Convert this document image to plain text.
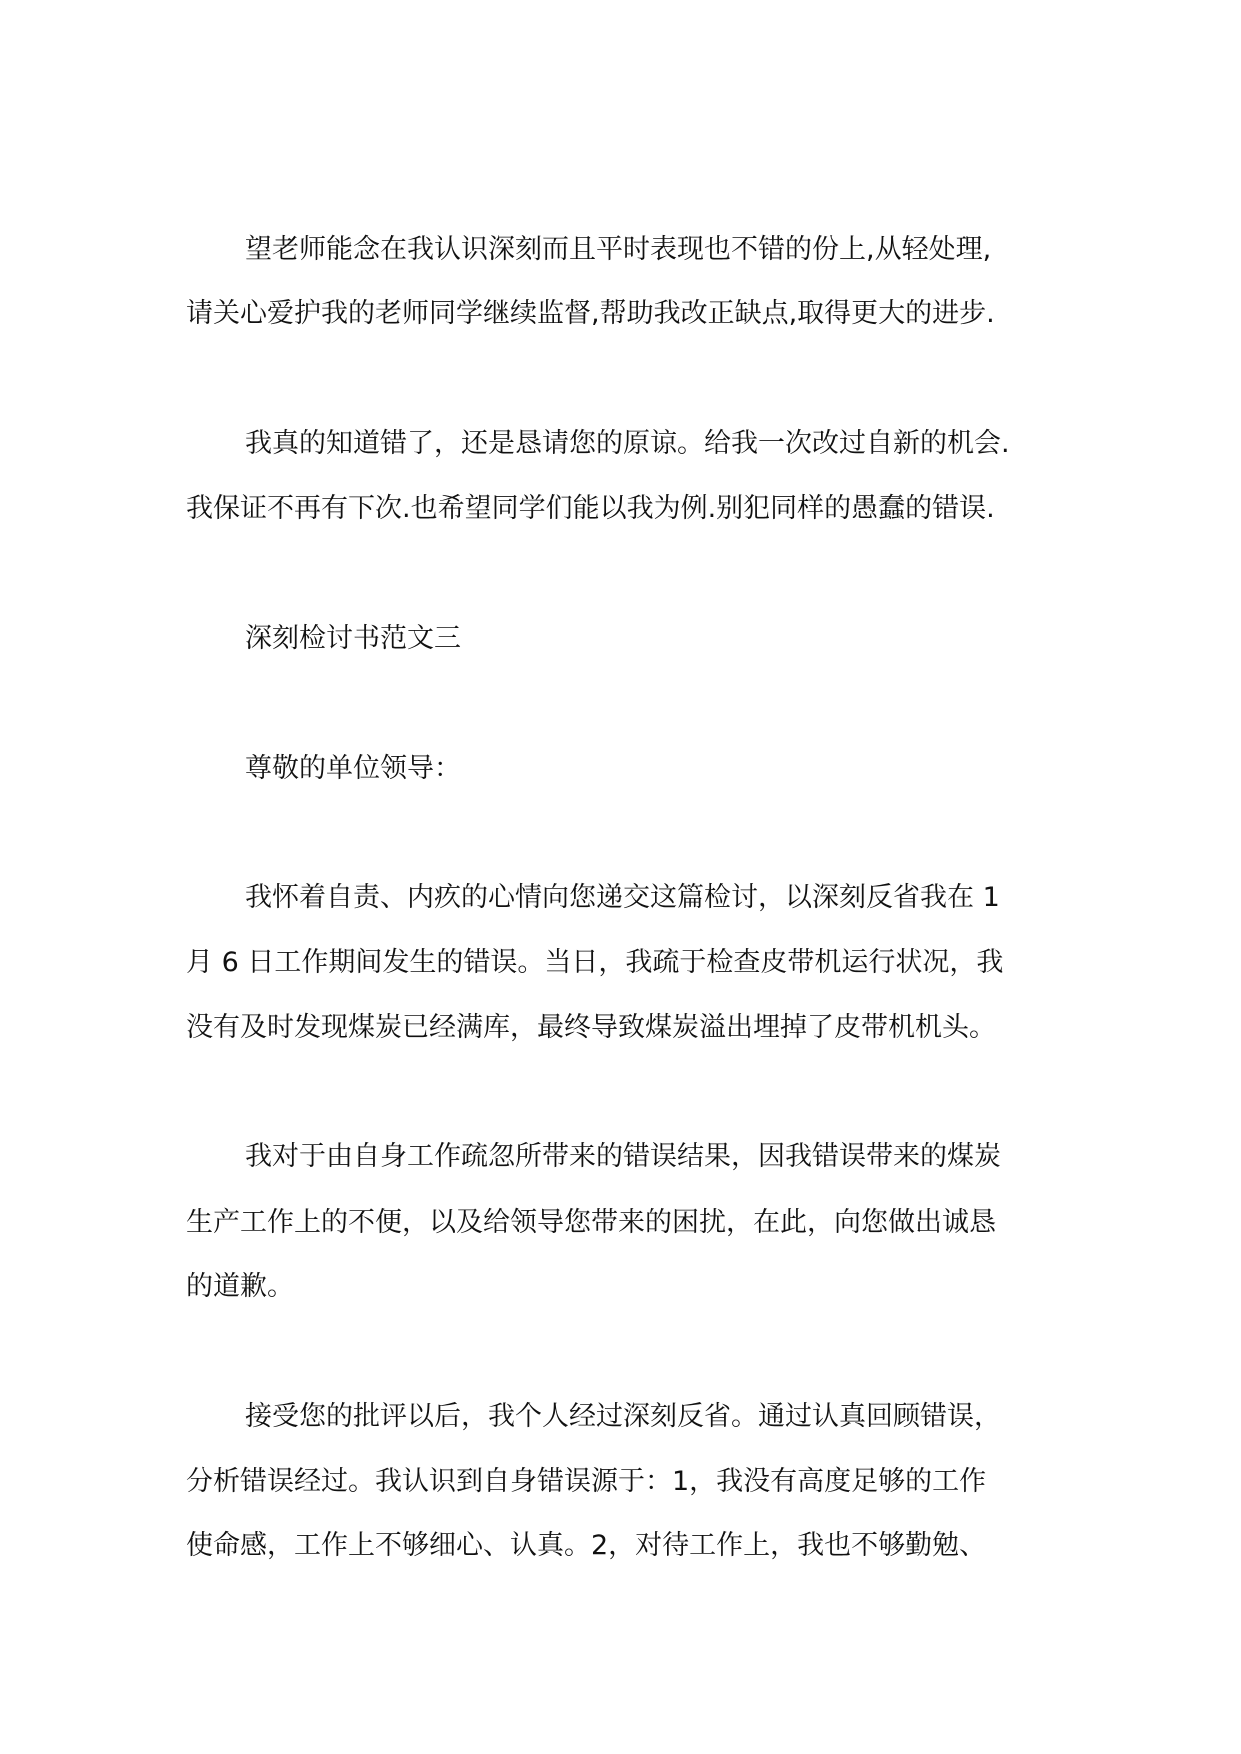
望老师能念在我认识深刻而且平时表现也不错的份上,从轻处理,

请关心爱护我的老师同学继续监督,帮助我改正缺点,取得更大的进步.

我真的知道错了，还是恳请您的原谅。给我一次改过自新的机会.

我保证不再有下次.也希望同学们能以我为例.别犯同样的愚蠢的错误.

深刻检讨书范文三

尊敬的单位领导：

我怀着自责、内疚的心情向您递交这篇检讨，以深刻反省我在 1

月 6 日工作期间发生的错误。当日，我疏于检查皮带机运行状况，我

没有及时发现煤炭已经满库，最终导致煤炭溢出埋掉了皮带机机头。

我对于由自身工作疏忽所带来的错误结果，因我错误带来的煤炭

生产工作上的不便，以及给领导您带来的困扰，在此，向您做出诚恳

的道歉。

接受您的批评以后，我个人经过深刻反省。通过认真回顾错误，

分析错误经过。我认识到自身错误源于：1，我没有高度足够的工作

使命感，工作上不够细心、认真。2，对待工作上，我也不够勤勉、
